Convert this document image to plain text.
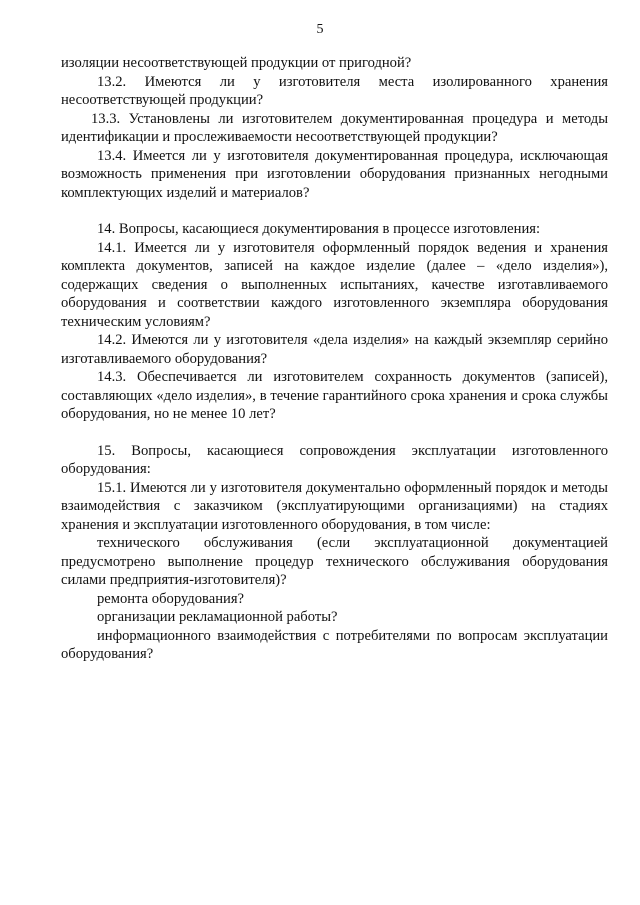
5

изоляции несоответствующей продукции от пригодной?

13.2. Имеются ли у изготовителя места изолированного хранения несоответствующей продукции?

13.3. Установлены ли изготовителем документированная процедура и методы идентификации и прослеживаемости несоответствующей продукции?

13.4. Имеется ли у изготовителя документированная процедура, исключающая возможность применения при изготовлении оборудования признанных негодными комплектующих изделий и материалов?

14. Вопросы, касающиеся документирования в процессе изготовления:

14.1. Имеется ли у изготовителя оформленный порядок ведения и хранения комплекта документов, записей на каждое изделие (далее – «дело изделия»), содержащих сведения о выполненных испытаниях, качестве изготавливаемого оборудования и соответствии каждого изготовленного экземпляра оборудования техническим условиям?

14.2. Имеются ли у изготовителя «дела изделия» на каждый экземпляр серийно изготавливаемого оборудования?

14.3. Обеспечивается ли изготовителем сохранность документов (записей), составляющих «дело изделия», в течение гарантийного срока хранения и срока службы оборудования, но не менее 10 лет?

15. Вопросы, касающиеся сопровождения эксплуатации изготовленного оборудования:

15.1. Имеются ли у изготовителя документально оформленный порядок и методы взаимодействия с заказчиком (эксплуатирующими организациями) на стадиях хранения и эксплуатации изготовленного оборудования, в том числе:

технического обслуживания (если эксплуатационной документацией предусмотрено выполнение процедур технического обслуживания оборудования силами предприятия-изготовителя)?

ремонта оборудования?

организации рекламационной работы?

информационного взаимодействия с потребителями по вопросам эксплуатации оборудования?
